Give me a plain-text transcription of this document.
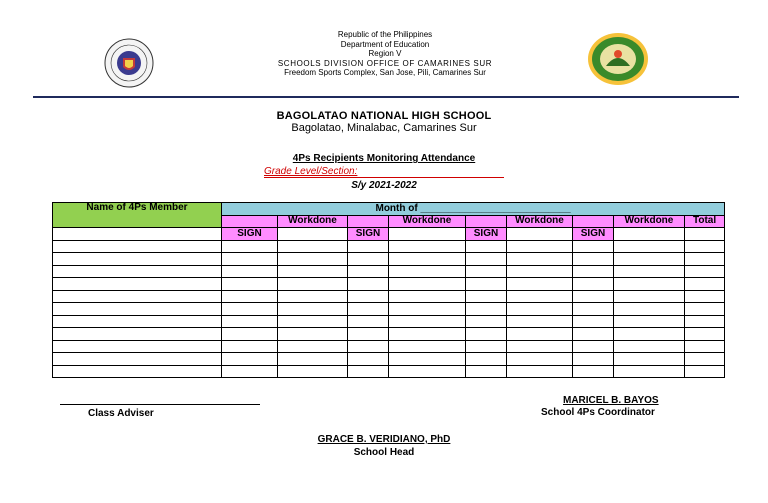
Republic of the Philippines
Department of Education
Region V
SCHOOLS DIVISION OFFICE OF CAMARINES SUR
Freedom Sports Complex, San Jose, Pili, Camarines Sur
BAGOLATAO NATIONAL HIGH SCHOOL
Bagolatao, Minalabac, Camarines Sur
4Ps Recipients Monitoring Attendance
Grade Level/Section:
S/y 2021-2022
Name of 4Ps Member	Month of ___________________________								
		Workdone		Workdone		Workdone		Workdone	Total
	SIGN		SIGN		SIGN		SIGN		

Class Adviser
MARICEL B. BAYOS
School 4Ps Coordinator
GRACE B. VERIDIANO, PhD
School Head
